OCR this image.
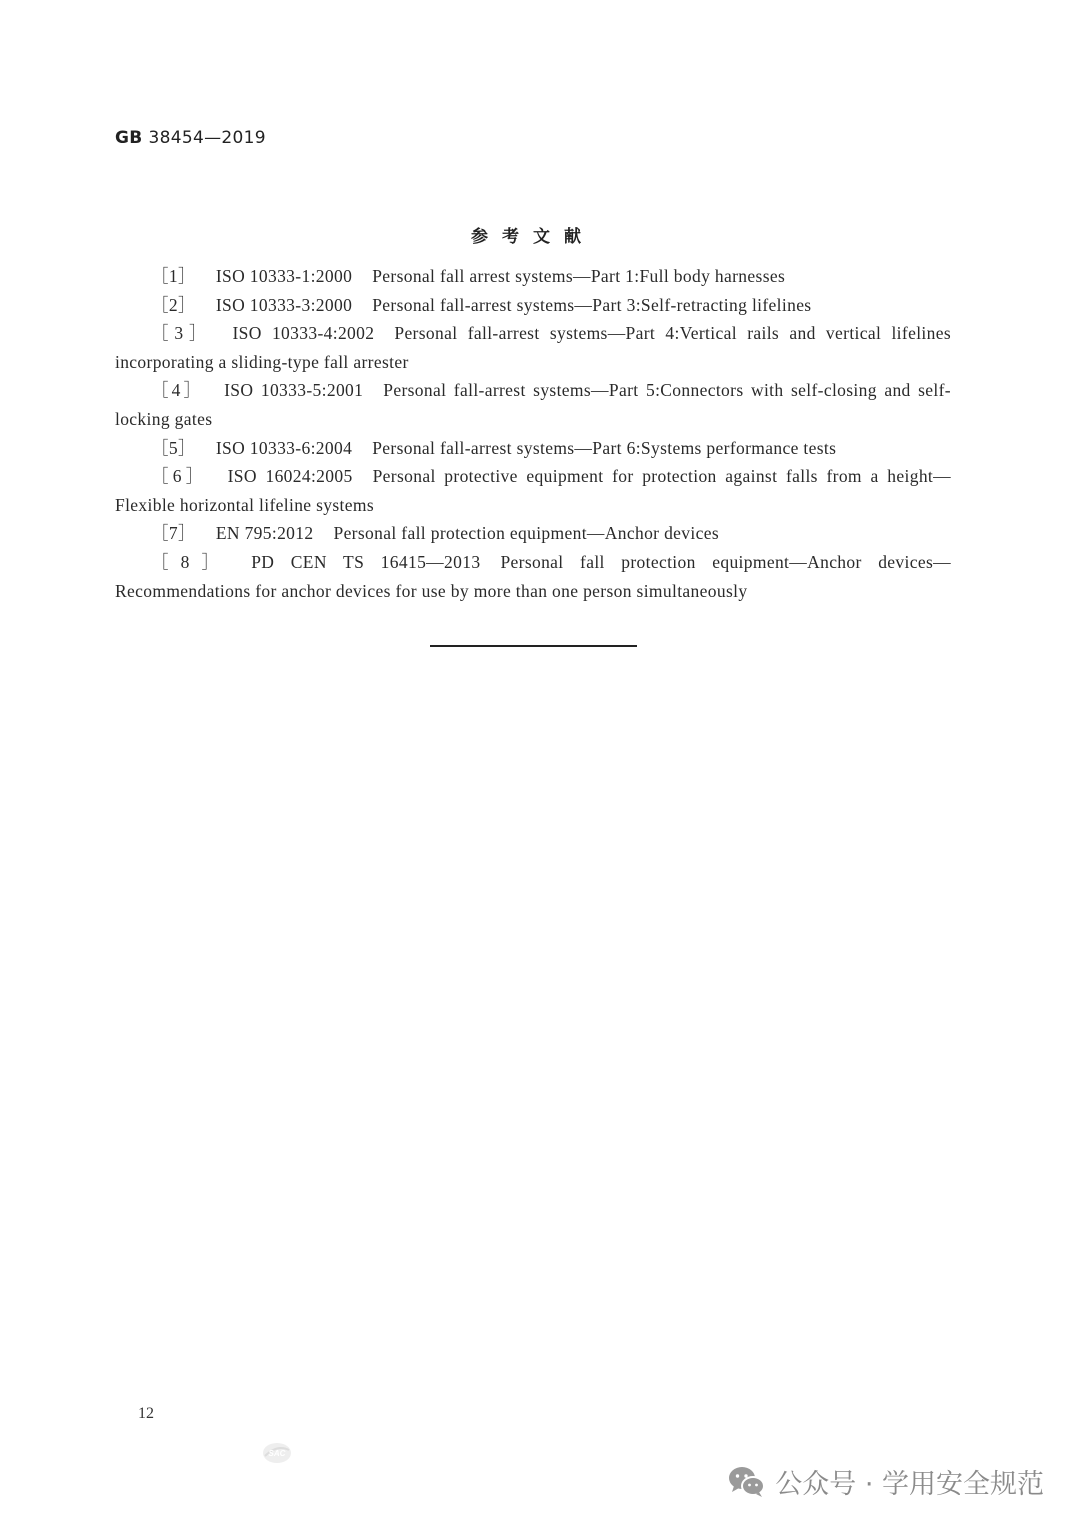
GB 38454—2019
参考文献
［1］ ISO 10333-1:2000 Personal fall arrest systems—Part 1:Full body harnesses
［2］ ISO 10333-3:2000 Personal fall-arrest systems—Part 3:Self-retracting lifelines
［3］ ISO 10333-4:2002 Personal fall-arrest systems—Part 4:Vertical rails and vertical lifelines incorporating a sliding-type fall arrester
［4］ ISO 10333-5:2001 Personal fall-arrest systems—Part 5:Connectors with self-closing and self-locking gates
［5］ ISO 10333-6:2004 Personal fall-arrest systems—Part 6:Systems performance tests
［6］ ISO 16024:2005 Personal protective equipment for protection against falls from a height—Flexible horizontal lifeline systems
［7］ EN 795:2012 Personal fall protection equipment—Anchor devices
［8］ PD CEN TS 16415—2013 Personal fall protection equipment—Anchor devices—Recommendations for anchor devices for use by more than one person simultaneously
12
SAC
公众号 · 学用安全规范
